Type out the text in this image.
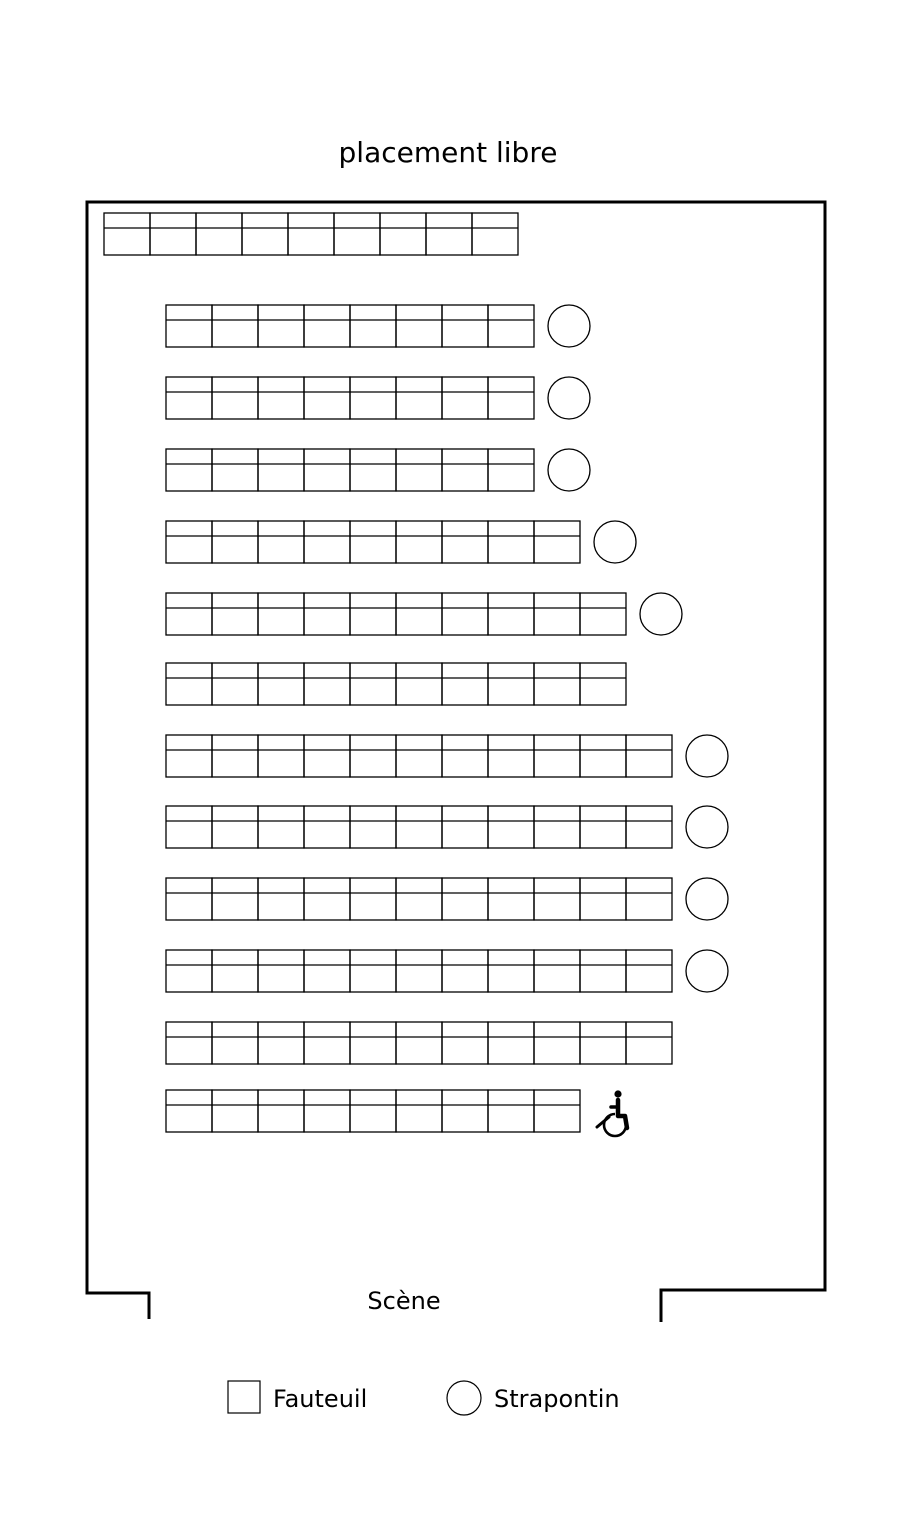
placement libre
Scène
Fauteuil	Strapontin
